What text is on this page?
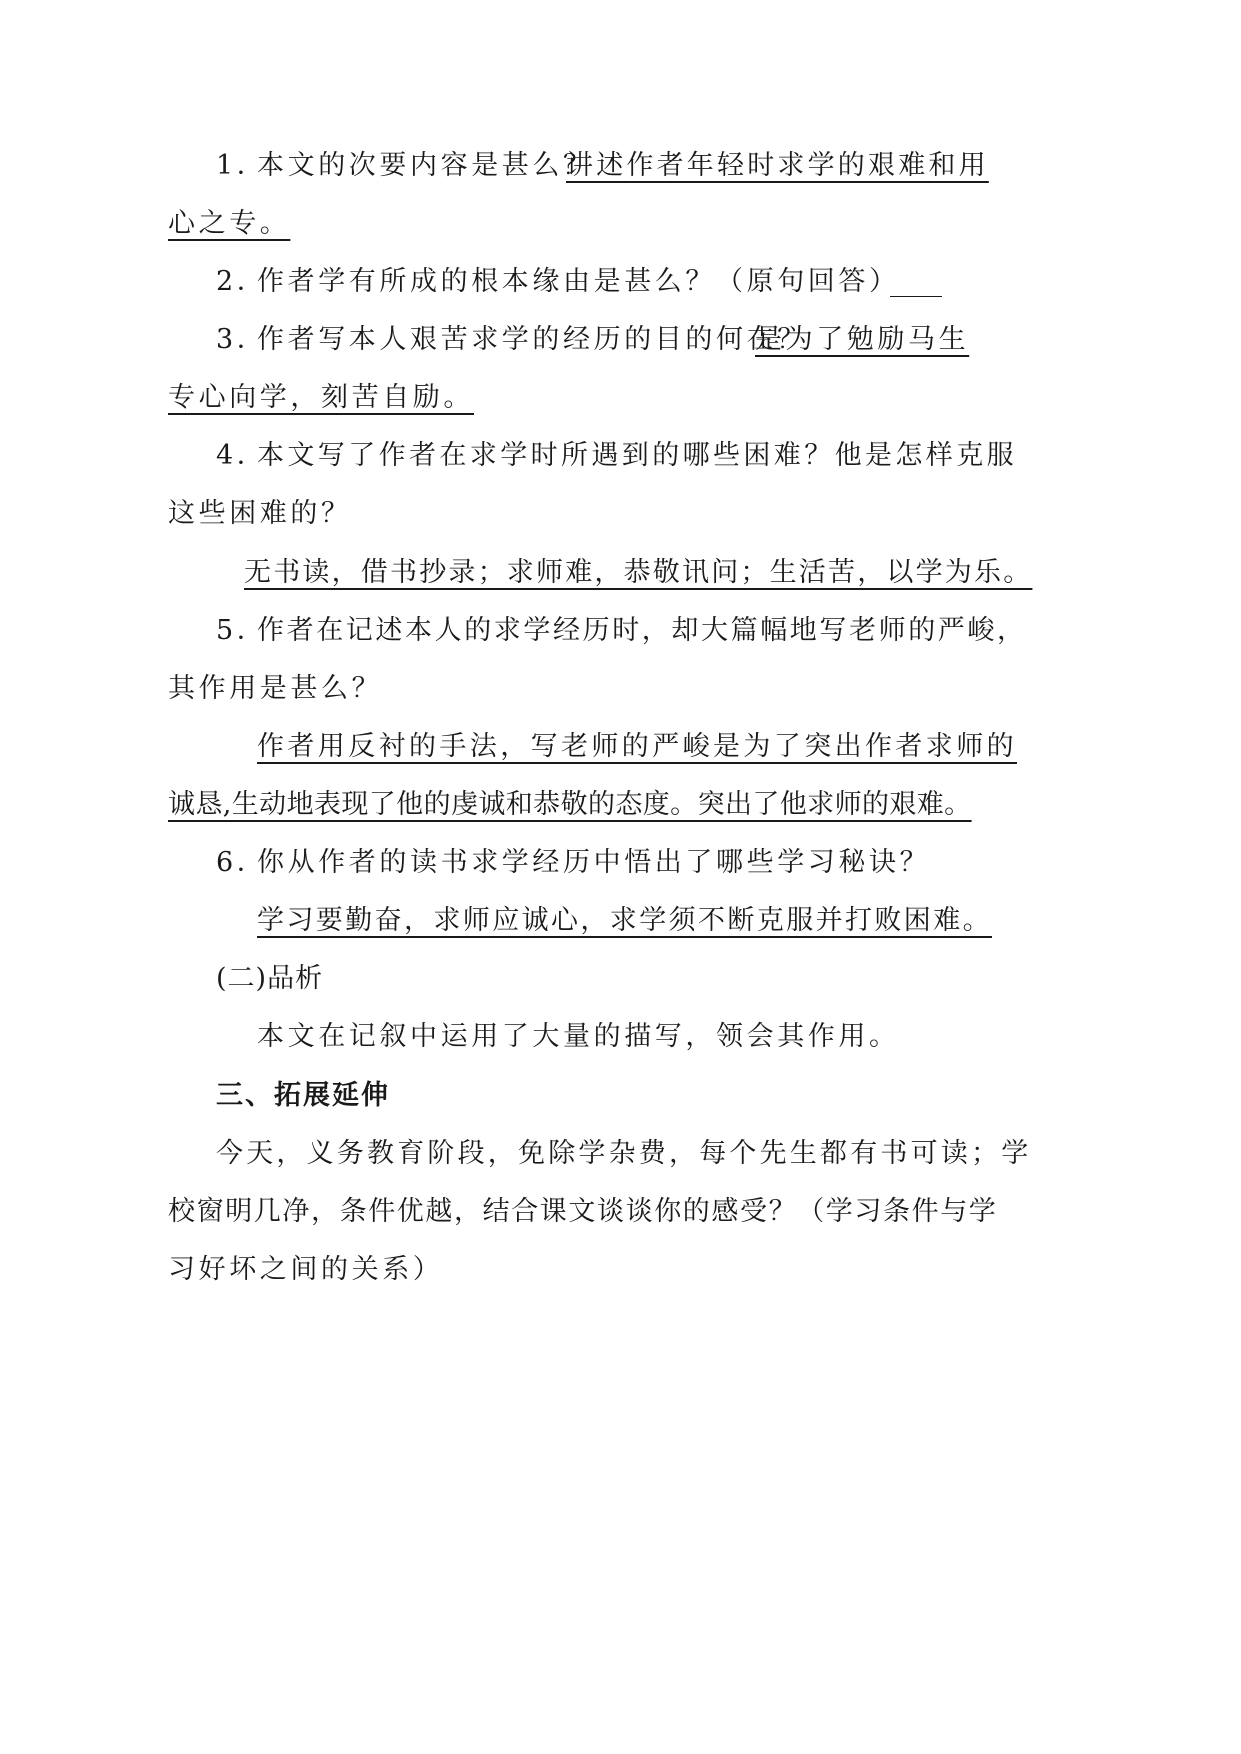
1．
本文的次要内容是甚么？
讲述作者年轻时求学的艰难和用
心之专。
2．
作者学有所成的根本缘由是甚么？（原句回答）
3．
作者写本人艰苦求学的经历的目的何在？
是为了勉励马生
专心向学，刻苦自励。
4．
本文写了作者在求学时所遇到的哪些困难？他是怎样克服
这些困难的？
无书读，借书抄录；求师难，恭敬讯问；生活苦，以学为乐。
5．
作者在记述本人的求学经历时，却大篇幅地写老师的严峻，
其作用是甚么？
作者用反衬的手法，写老师的严峻是为了突出作者求师的
诚恳,生动地表现了他的虔诚和恭敬的态度。突出了他求师的艰难。
6．
你从作者的读书求学经历中悟出了哪些学习秘诀？
学习要勤奋，求师应诚心，求学须不断克服并打败困难。
(二)品析
本文在记叙中运用了大量的描写，领会其作用。
三、拓展延伸
今天，义务教育阶段，免除学杂费，每个先生都有书可读；学
校窗明几净，条件优越，结合课文谈谈你的感受？（学习条件与学
习好坏之间的关系）
